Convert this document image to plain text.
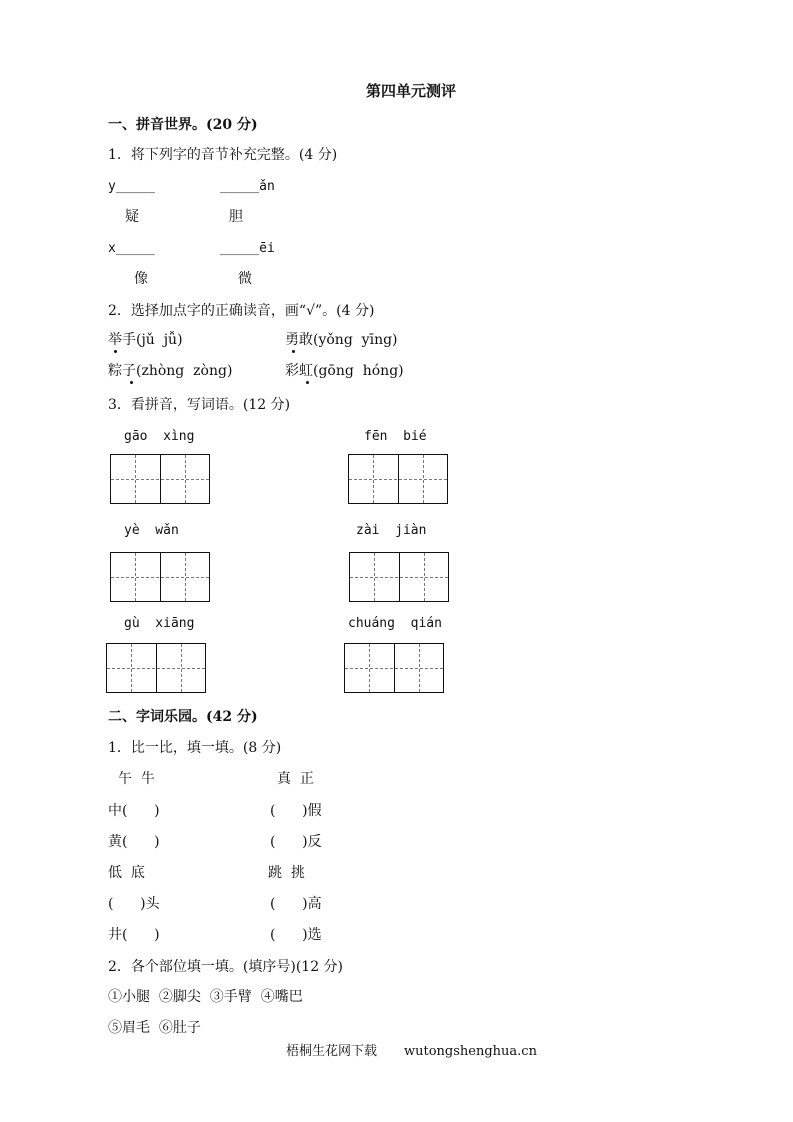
第四单元测评
一、拼音世界。(20 分)
1．将下列字的音节补充完整。(4 分)
y_____	_____ǎn
疑	胆
x_____	_____ēi
像	微
2．选择加点字的正确读音，画“√”。(4 分)
举手(jǔ  jǚ)	勇敢(yǒng  yīng)
粽子(zhòng  zòng)	彩虹(gōng  hóng)
3．看拼音，写词语。(12 分)
gāo  xìng	fēn  bié
yè  wǎn	zài  jiàn
gù  xiāng	chuáng  qián
二、字词乐园。(42 分)
1．比一比，填一填。(8 分)
午  牛	真  正
中(      )	(      )假
黄(      )	(      )反
低  底	跳  挑
(      )头	(      )高
井(      )	(      )选
2．各个部位填一填。(填序号)(12 分)
①小腿  ②脚尖  ③手臂  ④嘴巴
⑤眉毛  ⑥肚子
梧桐生花网下载 wutongshenghua.cn
